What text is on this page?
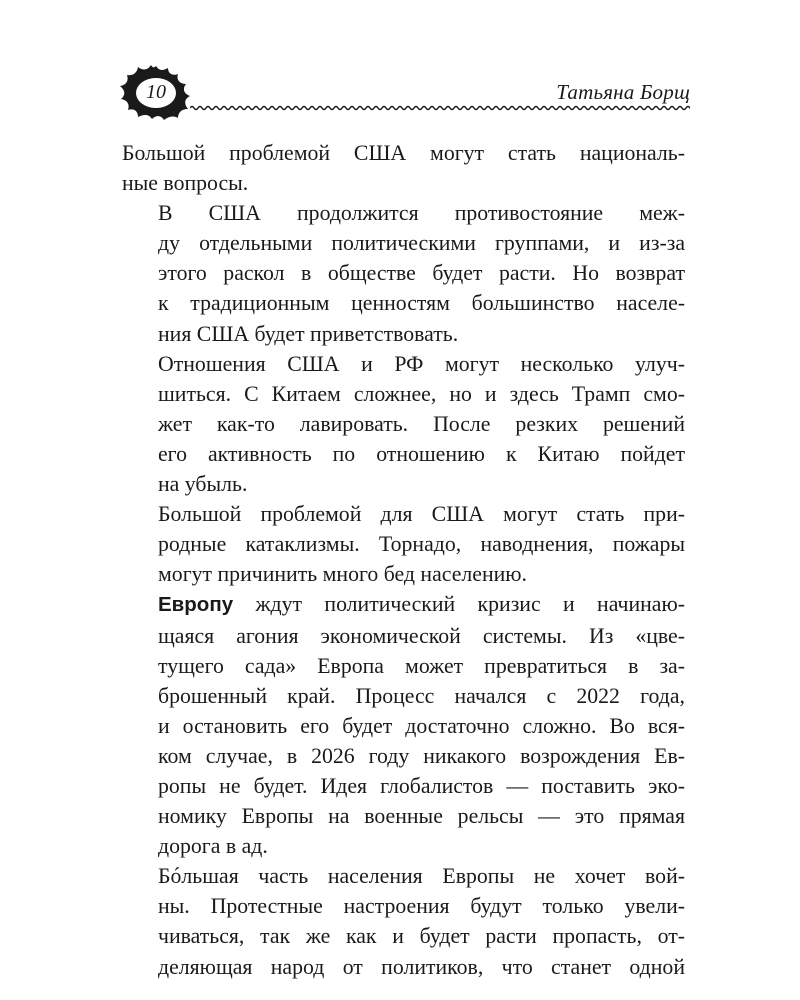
10	Татьяна Борщ

Большой проблемой США могут стать националь-
ные вопросы.

В США продолжится противостояние меж-
ду отдельными политическими группами, и из-за
этого раскол в обществе будет расти. Но возврат
к традиционным ценностям большинство населе-
ния США будет приветствовать.

Отношения США и РФ могут несколько улуч-
шиться. С Китаем сложнее, но и здесь Трамп смо-
жет как-то лавировать. После резких решений
его активность по отношению к Китаю пойдет
на убыль.

Большой проблемой для США могут стать при-
родные катаклизмы. Торнадо, наводнения, пожары
могут причинить много бед населению.

Европу ждут политический кризис и начинаю-
щаяся агония экономической системы. Из «цве-
тущего сада» Европа может превратиться в за-
брошенный край. Процесс начался с 2022 года,
и остановить его будет достаточно сложно. Во вся-
ком случае, в 2026 году никакого возрождения Ев-
ропы не будет. Идея глобалистов — поставить эко-
номику Европы на военные рельсы — это прямая
дорога в ад.

Бóльшая часть населения Европы не хочет вой-
ны. Протестные настроения будут только увели-
чиваться, так же как и будет расти пропасть, от-
деляющая народ от политиков, что станет одной
